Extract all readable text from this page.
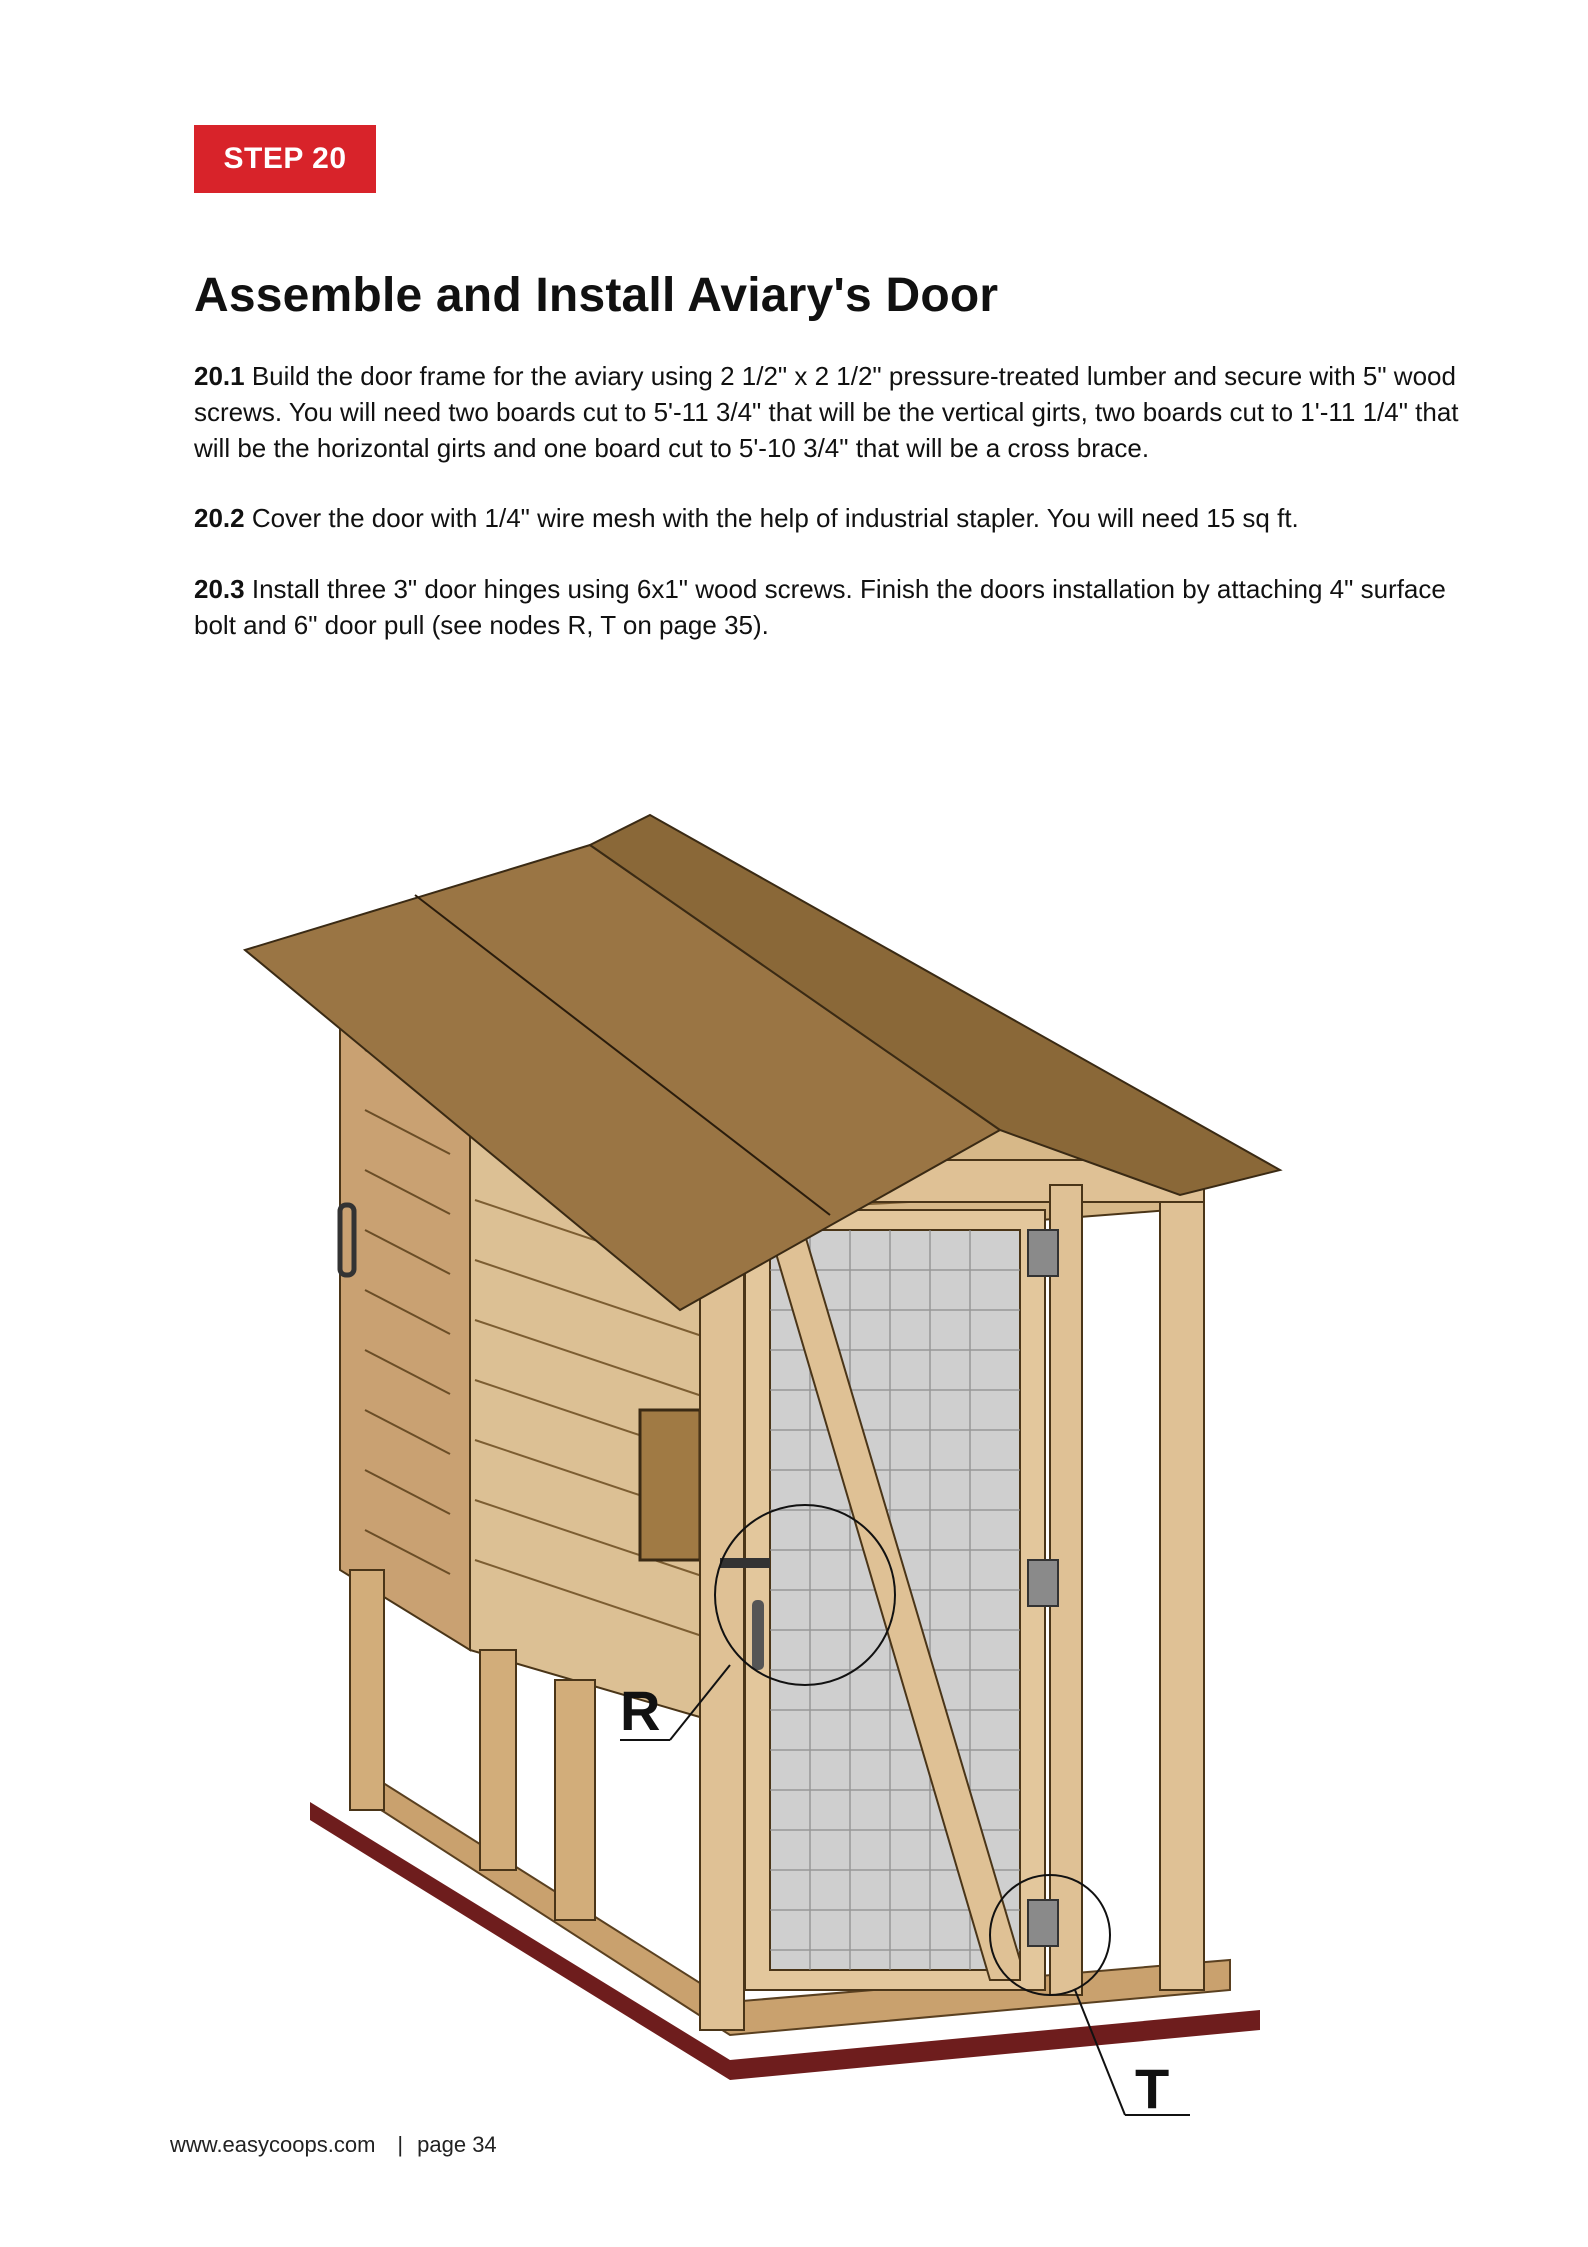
STEP 20
Assemble and Install Aviary's Door

20.1 Build the door frame for the aviary using 2 1/2" x 2 1/2" pressure-treated lumber and secure with 5" wood screws. You will need two boards cut to 5'-11 3/4" that will be the vertical girts, two boards cut to 1'-11 1/4" that will be the horizontal girts and one board cut to 5'-10 3/4" that will be a cross brace.

20.2 Cover the door with 1/4" wire mesh with the help of industrial stapler. You will need 15 sq ft.

20.3 Install three 3" door hinges using 6x1" wood screws. Finish the doors installation by attaching 4" surface bolt and 6" door pull (see nodes R, T on page 35).

R
T
www.easycoops.com | page 34
